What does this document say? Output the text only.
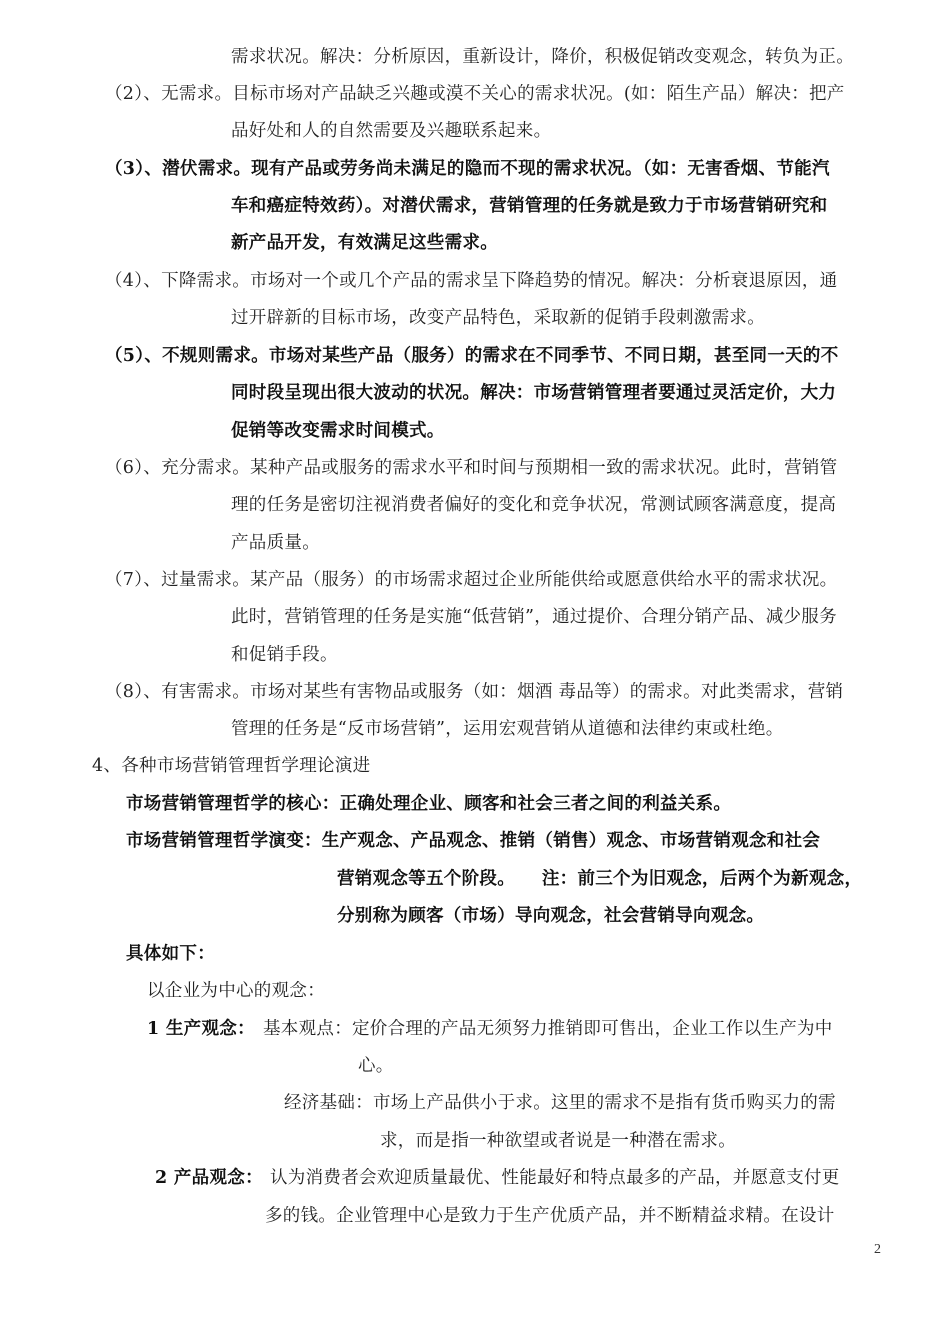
需求状况。解决：分析原因，重新设计，降价，积极促销改变观念，转负为正。
（2）、无需求。目标市场对产品缺乏兴趣或漠不关心的需求状况。(如：陌生产品）解决：把产
品好处和人的自然需要及兴趣联系起来。
（3）、潜伏需求。现有产品或劳务尚未满足的隐而不现的需求状况。（如：无害香烟、节能汽
车和癌症特效药）。对潜伏需求，营销管理的任务就是致力于市场营销研究和
新产品开发，有效满足这些需求。
（4）、下降需求。市场对一个或几个产品的需求呈下降趋势的情况。解决：分析衰退原因，通
过开辟新的目标市场，改变产品特色，采取新的促销手段刺激需求。
（5）、不规则需求。市场对某些产品（服务）的需求在不同季节、不同日期，甚至同一天的不
同时段呈现出很大波动的状况。解决：市场营销管理者要通过灵活定价，大力
促销等改变需求时间模式。
（6）、充分需求。某种产品或服务的需求水平和时间与预期相一致的需求状况。此时，营销管
理的任务是密切注视消费者偏好的变化和竞争状况，常测试顾客满意度，提高
产品质量。
（7）、过量需求。某产品（服务）的市场需求超过企业所能供给或愿意供给水平的需求状况。
此时，营销管理的任务是实施“低营销”，通过提价、合理分销产品、减少服务
和促销手段。
（8）、有害需求。市场对某些有害物品或服务（如：烟酒 毒品等）的需求。对此类需求，营销
管理的任务是“反市场营销”，运用宏观营销从道德和法律约束或杜绝。
4、各种市场营销管理哲学理论演进
市场营销管理哲学的核心：正确处理企业、顾客和社会三者之间的利益关系。
市场营销管理哲学演变：生产观念、产品观念、推销（销售）观念、市场营销观念和社会
营销观念等五个阶段。　　注：前三个为旧观念，后两个为新观念，
分别称为顾客（市场）导向观念，社会营销导向观念。
具体如下：
以企业为中心的观念：
1 生产观念： 基本观点：定价合理的产品无须努力推销即可售出，企业工作以生产为中
心。
经济基础：市场上产品供小于求。这里的需求不是指有货币购买力的需
求，而是指一种欲望或者说是一种潜在需求。
2 产品观念： 认为消费者会欢迎质量最优、性能最好和特点最多的产品，并愿意支付更
多的钱。企业管理中心是致力于生产优质产品，并不断精益求精。在设计
2
